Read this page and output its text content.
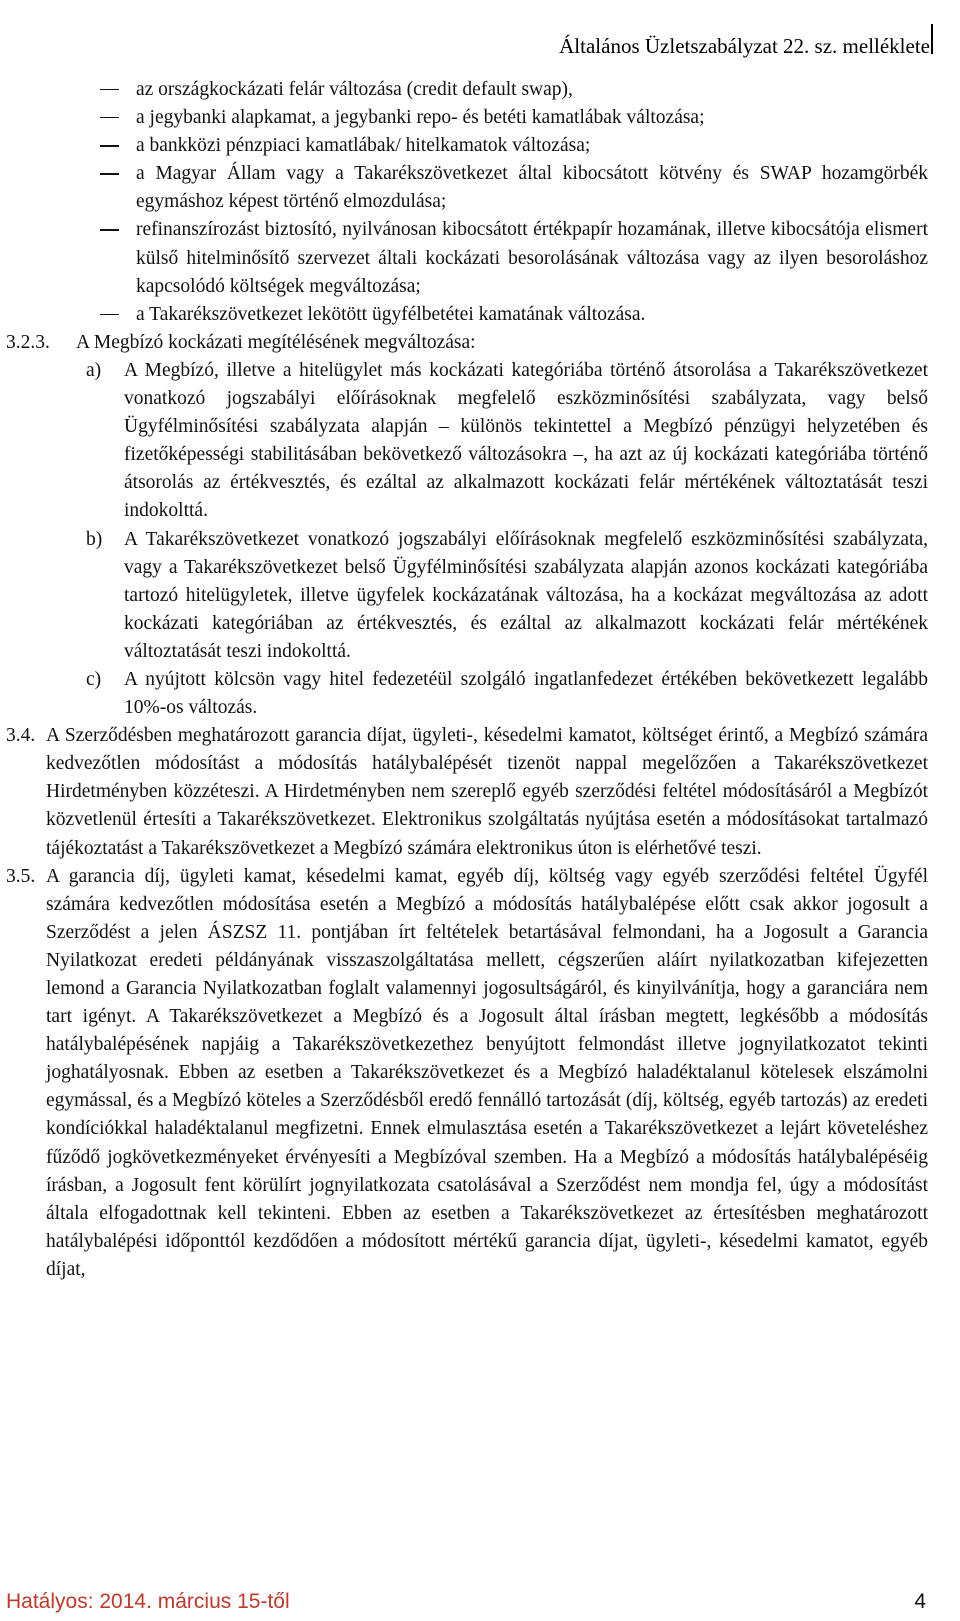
Általános Üzletszabályzat 22. sz. melléklete
az országkockázati felár változása (credit default swap),
a jegybanki alapkamat, a jegybanki repo- és betéti kamatlábak változása;
a bankközi pénzpiaci kamatlábak/ hitelkamatok változása;
a Magyar Állam vagy a Takarékszövetkezet által kibocsátott kötvény és SWAP hozamgörbék egymáshoz képest történő elmozdulása;
refinanszírozást biztosító, nyilvánosan kibocsátott értékpapír hozamának, illetve kibocsátója elismert külső hitelminősítő szervezet általi kockázati besorolásának változása vagy az ilyen besoroláshoz kapcsolódó költségek megváltozása;
a Takarékszövetkezet lekötött ügyfélbetétei kamatának változása.
3.2.3. A Megbízó kockázati megítélésének megváltozása:
a) A Megbízó, illetve a hitelügylet más kockázati kategóriába történő átsorolása a Takarékszövetkezet vonatkozó jogszabályi előírásoknak megfelelő eszközminősítési szabályzata, vagy belső Ügyfélminősítési szabályzata alapján – különös tekintettel a Megbízó pénzügyi helyzetében és fizetőképességi stabilitásában bekövetkező változásokra –, ha azt az új kockázati kategóriába történő átsorolás az értékvesztés, és ezáltal az alkalmazott kockázati felár mértékének változtatását teszi indokolttá.
b) A Takarékszövetkezet vonatkozó jogszabályi előírásoknak megfelelő eszközminősítési szabályzata, vagy a Takarékszövetkezet belső Ügyfélminősítési szabályzata alapján azonos kockázati kategóriába tartozó hitelügyletek, illetve ügyfelek kockázatának változása, ha a kockázat megváltozása az adott kockázati kategóriában az értékvesztés, és ezáltal az alkalmazott kockázati felár mértékének változtatását teszi indokolttá.
c) A nyújtott kölcsön vagy hitel fedezetéül szolgáló ingatlanfedezet értékében bekövetkezett legalább 10%-os változás.
3.4. A Szerződésben meghatározott garancia díjat, ügyleti-, késedelmi kamatot, költséget érintő, a Megbízó számára kedvezőtlen módosítást a módosítás hatálybalépését tizenöt nappal megelőzően a Takarékszövetkezet Hirdetményben közzéteszi. A Hirdetményben nem szereplő egyéb szerződési feltétel módosításáról a Megbízót közvetlenül értesíti a Takarékszövetkezet. Elektronikus szolgáltatás nyújtása esetén a módosításokat tartalmazó tájékoztatást a Takarékszövetkezet a Megbízó számára elektronikus úton is elérhetővé teszi.
3.5. A garancia díj, ügyleti kamat, késedelmi kamat, egyéb díj, költség vagy egyéb szerződési feltétel Ügyfél számára kedvezőtlen módosítása esetén a Megbízó a módosítás hatálybalépése előtt csak akkor jogosult a Szerződést a jelen ÁSZSZ 11. pontjában írt feltételek betartásával felmondani, ha a Jogosult a Garancia Nyilatkozat eredeti példányának visszaszolgáltatása mellett, cégszerűen aláírt nyilatkozatban kifejezetten lemond a Garancia Nyilatkozatban foglalt valamennyi jogosultságáról, és kinyilvánítja, hogy a garanciára nem tart igényt. A Takarékszövetkezet a Megbízó és a Jogosult által írásban megtett, legkésőbb a módosítás hatálybalépésének napjáig a Takarékszövetkezethez benyújtott felmondást illetve jognyilatkozatot tekinti joghatályosnak. Ebben az esetben a Takarékszövetkezet és a Megbízó haladéktalanul kötelesek elszámolni egymással, és a Megbízó köteles a Szerződésből eredő fennálló tartozását (díj, költség, egyéb tartozás) az eredeti kondíciókkal haladéktalanul megfizetni. Ennek elmulasztása esetén a Takarékszövetkezet a lejárt követeléshez fűződő jogkövetkezményeket érvényesíti a Megbízóval szemben. Ha a Megbízó a módosítás hatálybalépéséig írásban, a Jogosult fent körülírt jognyilatkozata csatolásával a Szerződést nem mondja fel, úgy a módosítást általa elfogadottnak kell tekinteni. Ebben az esetben a Takarékszövetkezet az értesítésben meghatározott hatálybalépési időponttól kezdődően a módosított mértékű garancia díjat, ügyleti-, késedelmi kamatot, egyéb díjat,
Hatályos: 2014. március 15-től	4
